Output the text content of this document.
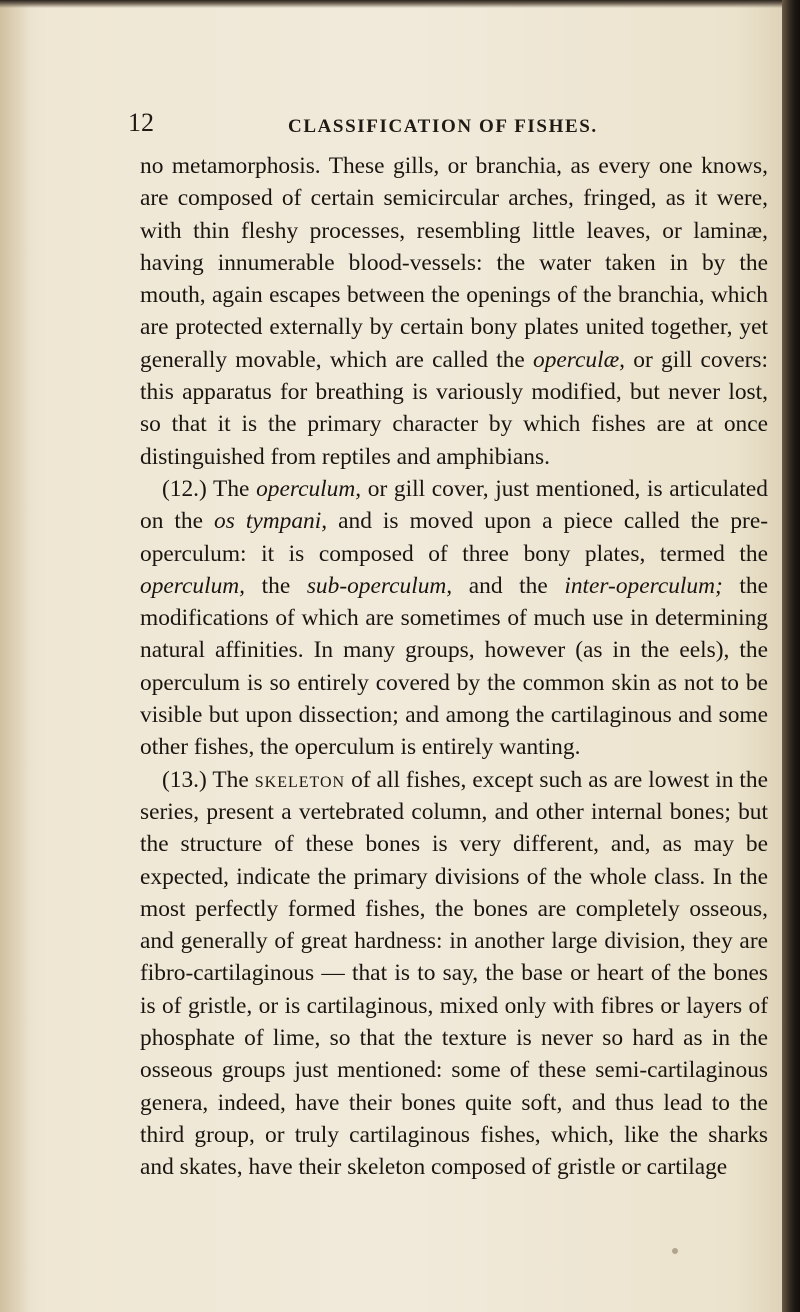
12	CLASSIFICATION OF FISHES.

no metamorphosis. These gills, or branchia, as every one knows, are composed of certain semicircular arches, fringed, as it were, with thin fleshy processes, resembling little leaves, or laminæ, having innumerable blood-vessels: the water taken in by the mouth, again escapes between the openings of the branchia, which are protected externally by certain bony plates united together, yet generally movable, which are called the operculæ, or gill covers: this apparatus for breathing is variously modified, but never lost, so that it is the primary character by which fishes are at once distinguished from reptiles and amphibians.

(12.) The operculum, or gill cover, just mentioned, is articulated on the os tympani, and is moved upon a piece called the pre-operculum: it is composed of three bony plates, termed the operculum, the sub-operculum, and the inter-operculum; the modifications of which are sometimes of much use in determining natural affinities. In many groups, however (as in the eels), the operculum is so entirely covered by the common skin as not to be visible but upon dissection; and among the cartilaginous and some other fishes, the operculum is entirely wanting.

(13.) The skeleton of all fishes, except such as are lowest in the series, present a vertebrated column, and other internal bones; but the structure of these bones is very different, and, as may be expected, indicate the primary divisions of the whole class. In the most perfectly formed fishes, the bones are completely osseous, and generally of great hardness: in another large division, they are fibro-cartilaginous — that is to say, the base or heart of the bones is of gristle, or is cartilaginous, mixed only with fibres or layers of phosphate of lime, so that the texture is never so hard as in the osseous groups just mentioned: some of these semi-cartilaginous genera, indeed, have their bones quite soft, and thus lead to the third group, or truly cartilaginous fishes, which, like the sharks and skates, have their skeleton composed of gristle or cartilage
